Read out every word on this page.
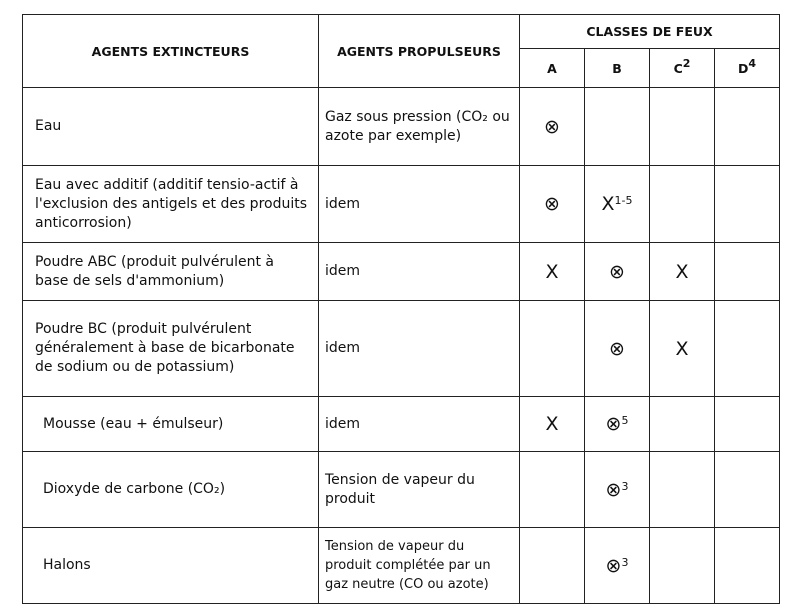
AGENTS EXTINCTEURS	AGENTS PROPULSEURS	CLASSES DE FEUX			
		A	B	$C^2$	$D^4$
Eau	Gaz sous pression (CO₂ ou azote par exemple)	⊗			
Eau avec additif (additif tensio-actif à l'exclusion des antigels et des produits anticorrosion)	idem	⊗	$X^{1-5}$		
Poudre ABC (produit pulvérulent à base de sels d'ammonium)	idem	X	⊗	X	
Poudre BC (produit pulvérulent généralement à base de bicarbonate de sodium ou de potassium)	idem		⊗	X	
Mousse (eau + émulseur)	idem	X	⊗$^5$		
Dioxyde de carbone (CO₂)	Tension de vapeur du produit		⊗$^3$		
Halons	Tension de vapeur du produit complétée par un gaz neutre (CO ou azote)		⊗$^3$		
